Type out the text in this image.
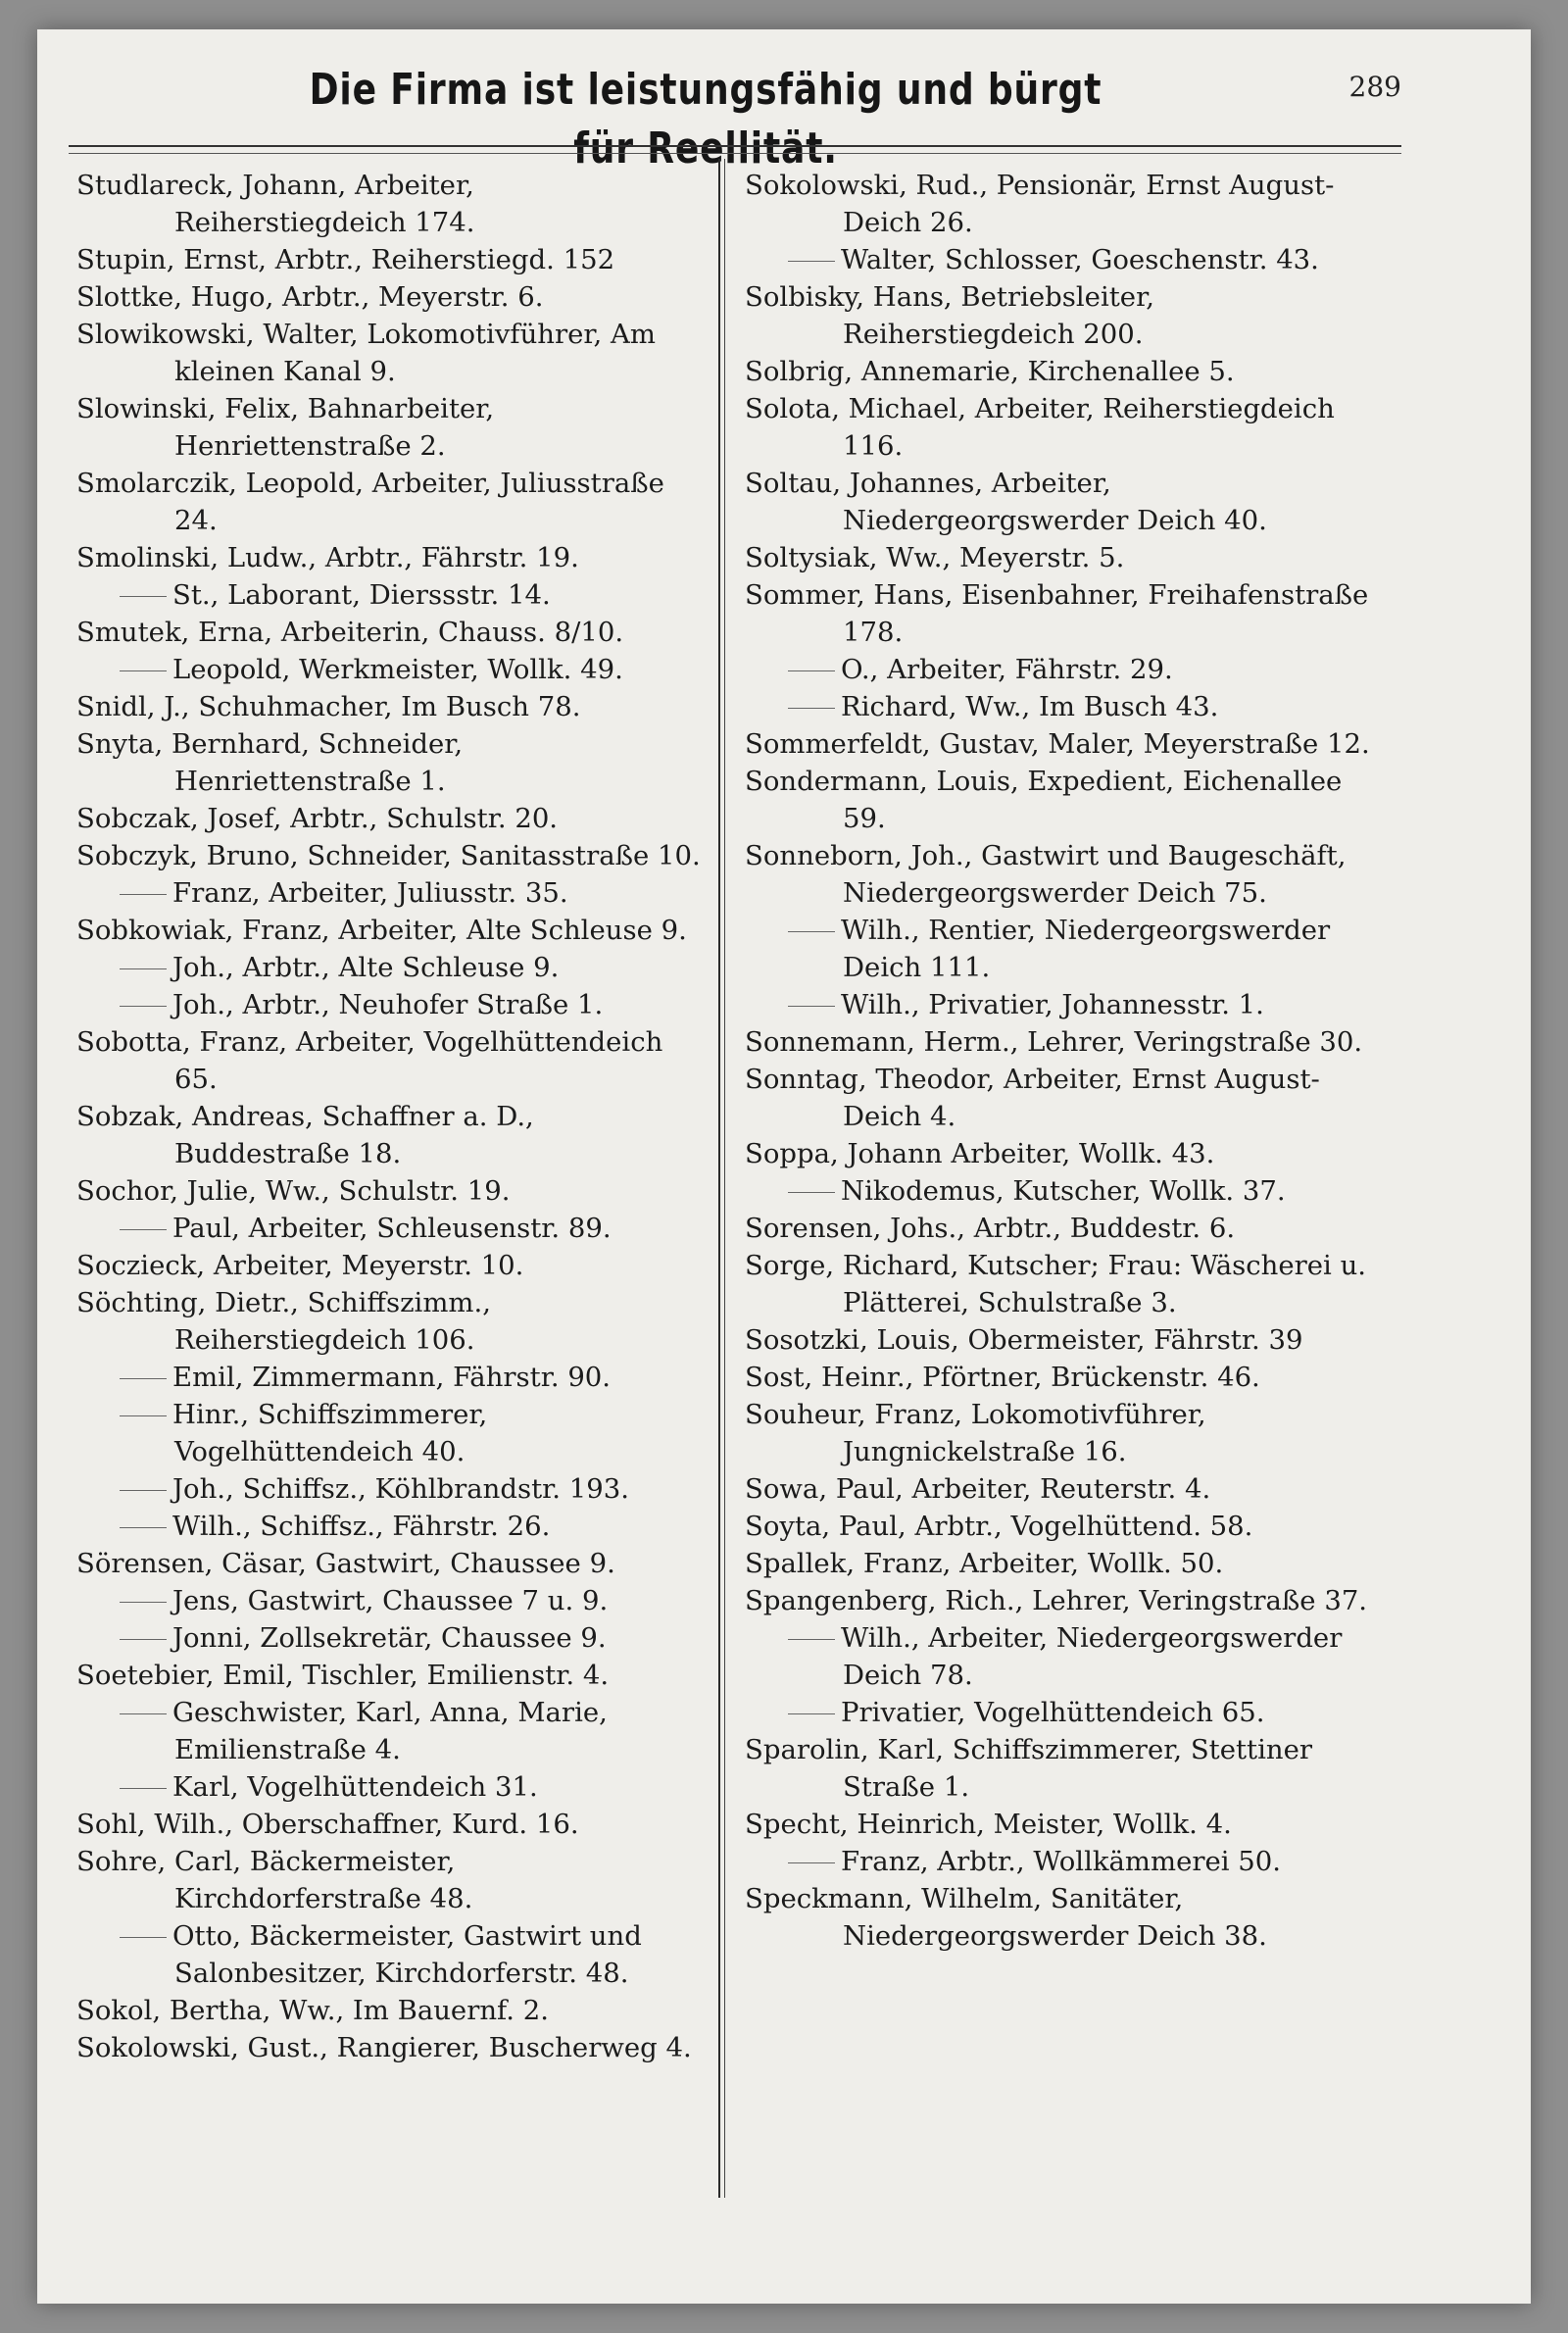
Die Firma ist leistungsfähig und bürgt für Reellität.
289
Studlareck, Johann, Arbeiter, Reiherstiegdeich 174.
Stupin, Ernst, Arbtr., Reiherstiegd. 152
Slottke, Hugo, Arbtr., Meyerstr. 6.
Slowikowski, Walter, Lokomotivführer, Am kleinen Kanal 9.
Slowinski, Felix, Bahnarbeiter, Henriettenstraße 2.
Smolarczik, Leopold, Arbeiter, Juliusstraße 24.
Smolinski, Ludw., Arbtr., Fährstr. 19.
St., Laborant, Dierssstr. 14.
Smutek, Erna, Arbeiterin, Chauss. 8/10.
Leopold, Werkmeister, Wollk. 49.
Snidl, J., Schuhmacher, Im Busch 78.
Snyta, Bernhard, Schneider, Henriettenstraße 1.
Sobczak, Josef, Arbtr., Schulstr. 20.
Sobczyk, Bruno, Schneider, Sanitasstraße 10.
Franz, Arbeiter, Juliusstr. 35.
Sobkowiak, Franz, Arbeiter, Alte Schleuse 9.
Joh., Arbtr., Alte Schleuse 9.
Joh., Arbtr., Neuhofer Straße 1.
Sobotta, Franz, Arbeiter, Vogelhüttendeich 65.
Sobzak, Andreas, Schaffner a. D., Buddestraße 18.
Sochor, Julie, Ww., Schulstr. 19.
Paul, Arbeiter, Schleusenstr. 89.
Soczieck, Arbeiter, Meyerstr. 10.
Söchting, Dietr., Schiffszimm., Reiherstiegdeich 106.
Emil, Zimmermann, Fährstr. 90.
Hinr., Schiffszimmerer, Vogelhüttendeich 40.
Joh., Schiffsz., Köhlbrandstr. 193.
Wilh., Schiffsz., Fährstr. 26.
Sörensen, Cäsar, Gastwirt, Chaussee 9.
Jens, Gastwirt, Chaussee 7 u. 9.
Jonni, Zollsekretär, Chaussee 9.
Soetebier, Emil, Tischler, Emilienstr. 4.
Geschwister, Karl, Anna, Marie, Emilienstraße 4.
Karl, Vogelhüttendeich 31.
Sohl, Wilh., Oberschaffner, Kurd. 16.
Sohre, Carl, Bäckermeister, Kirchdorferstraße 48.
Otto, Bäckermeister, Gastwirt und Salonbesitzer, Kirchdorferstr. 48.
Sokol, Bertha, Ww., Im Bauernf. 2.
Sokolowski, Gust., Rangierer, Buscherweg 4.
Sokolowski, Rud., Pensionär, Ernst August-Deich 26.
Walter, Schlosser, Goeschenstr. 43.
Solbisky, Hans, Betriebsleiter, Reiherstiegdeich 200.
Solbrig, Annemarie, Kirchenallee 5.
Solota, Michael, Arbeiter, Reiherstiegdeich 116.
Soltau, Johannes, Arbeiter, Niedergeorgswerder Deich 40.
Soltysiak, Ww., Meyerstr. 5.
Sommer, Hans, Eisenbahner, Freihafenstraße 178.
O., Arbeiter, Fährstr. 29.
Richard, Ww., Im Busch 43.
Sommerfeldt, Gustav, Maler, Meyerstraße 12.
Sondermann, Louis, Expedient, Eichenallee 59.
Sonneborn, Joh., Gastwirt und Baugeschäft, Niedergeorgswerder Deich 75.
Wilh., Rentier, Niedergeorgswerder Deich 111.
Wilh., Privatier, Johannesstr. 1.
Sonnemann, Herm., Lehrer, Veringstraße 30.
Sonntag, Theodor, Arbeiter, Ernst August-Deich 4.
Soppa, Johann Arbeiter, Wollk. 43.
Nikodemus, Kutscher, Wollk. 37.
Sorensen, Johs., Arbtr., Buddestr. 6.
Sorge, Richard, Kutscher; Frau: Wäscherei u. Plätterei, Schulstraße 3.
Sosotzki, Louis, Obermeister, Fährstr. 39
Sost, Heinr., Pförtner, Brückenstr. 46.
Souheur, Franz, Lokomotivführer, Jungnickelstraße 16.
Sowa, Paul, Arbeiter, Reuterstr. 4.
Soyta, Paul, Arbtr., Vogelhüttend. 58.
Spallek, Franz, Arbeiter, Wollk. 50.
Spangenberg, Rich., Lehrer, Veringstraße 37.
Wilh., Arbeiter, Niedergeorgswerder Deich 78.
Privatier, Vogelhüttendeich 65.
Sparolin, Karl, Schiffszimmerer, Stettiner Straße 1.
Specht, Heinrich, Meister, Wollk. 4.
Franz, Arbtr., Wollkämmerei 50.
Speckmann, Wilhelm, Sanitäter, Niedergeorgswerder Deich 38.
